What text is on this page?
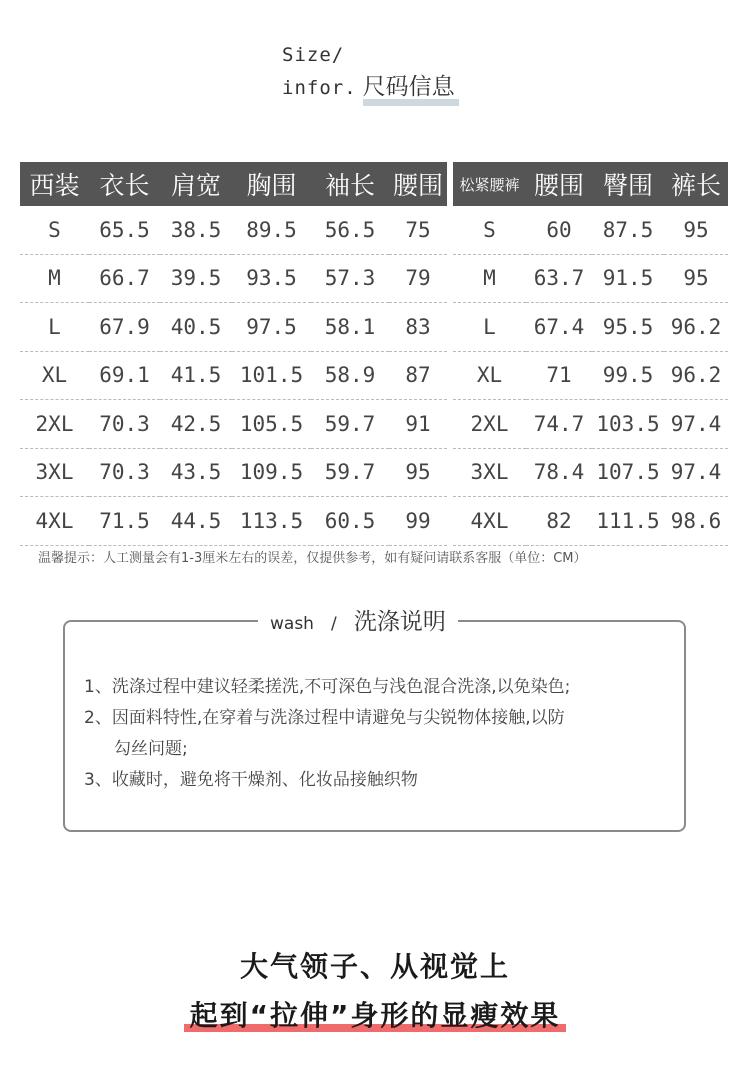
Size/
infor. 尺码信息
西装	衣长	肩宽	胸围	袖长	腰围		松紧腰裤	腰围	臀围	裤长
S	65.5	38.5	89.5	56.5	75		S	60	87.5	95
M	66.7	39.5	93.5	57.3	79		M	63.7	91.5	95
L	67.9	40.5	97.5	58.1	83		L	67.4	95.5	96.2
XL	69.1	41.5	101.5	58.9	87		XL	71	99.5	96.2
2XL	70.3	42.5	105.5	59.7	91		2XL	74.7	103.5	97.4
3XL	70.3	43.5	109.5	59.7	95		3XL	78.4	107.5	97.4
4XL	71.5	44.5	113.5	60.5	99		4XL	82	111.5	98.6
温馨提示：人工测量会有1-3厘米左右的误差，仅提供参考，如有疑问请联系客服（单位：CM）
wash / 洗涤说明
1、洗涤过程中建议轻柔搓洗,不可深色与浅色混合洗涤,以免染色;
2、因面料特性,在穿着与洗涤过程中请避免与尖锐物体接触,以防
勾丝问题;
3、收藏时，避免将干燥剂、化妆品接触织物
大气领子、从视觉上
起到“拉伸”身形的显瘦效果
